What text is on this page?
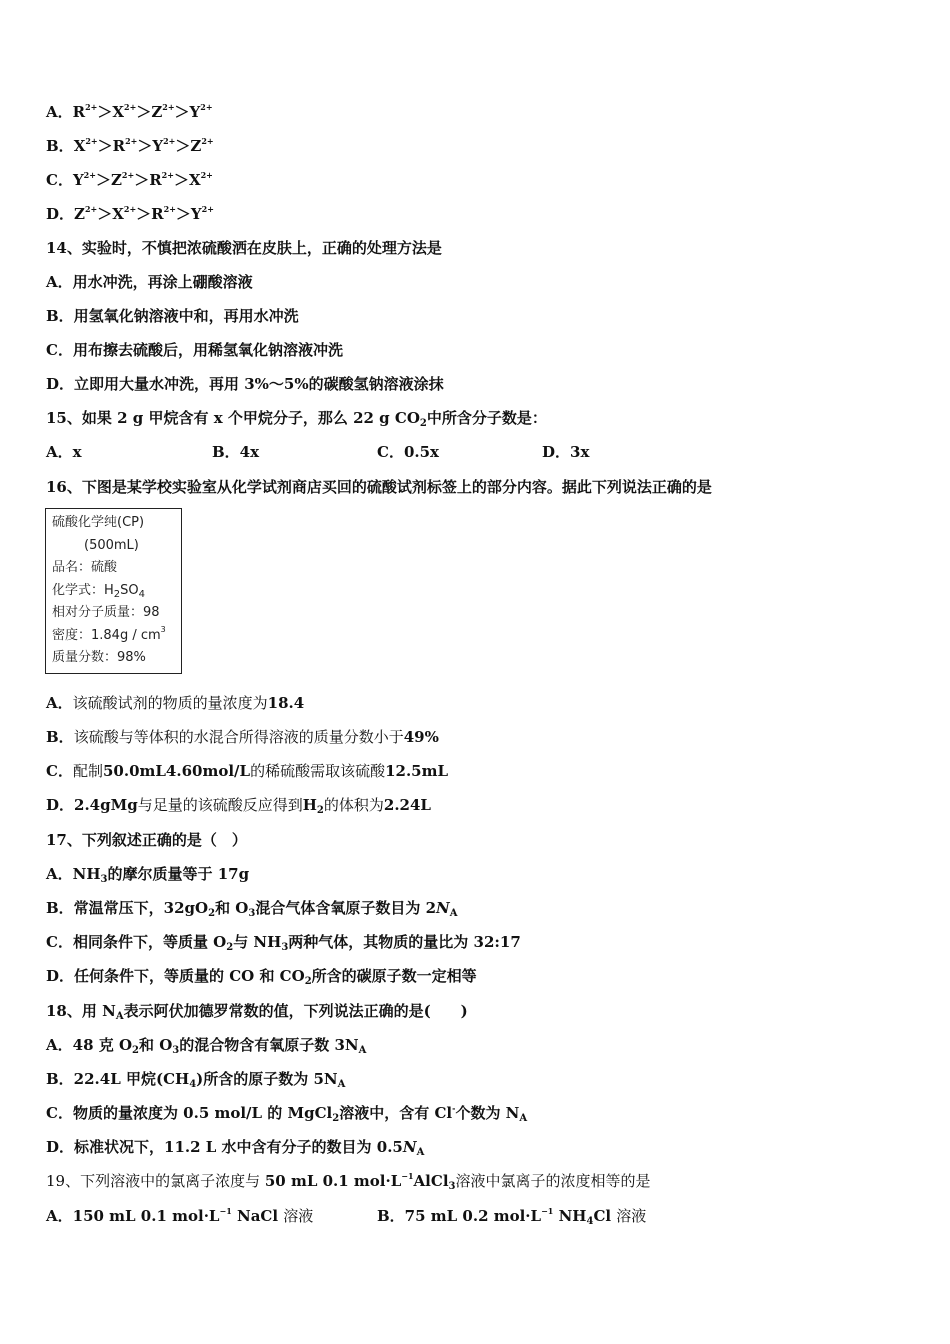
A．$R^{2+}>X^{2+}>Z^{2+}>Y^{2+}$
B．$X^{2+}>R^{2+}>Y^{2+}>Z^{2+}$
C．$Y^{2+}>Z^{2+}>R^{2+}>X^{2+}$
D．$Z^{2+}>X^{2+}>R^{2+}>Y^{2+}$
14、实验时，不慎把浓硫酸洒在皮肤上，正确的处理方法是
A．用水冲洗，再涂上硼酸溶液
B．用氢氧化钠溶液中和，再用水冲洗
C．用布擦去硫酸后，用稀氢氧化钠溶液冲洗
D．立即用大量水冲洗，再用 3%～5%的碳酸氢钠溶液涂抹
15、如果 2 g 甲烷含有 x 个甲烷分子，那么 22 g $CO_2$中所含分子数是：
A．x	B．4x	C．0.5x	D．3x
16、下图是某学校实验室从化学试剂商店买回的硫酸试剂标签上的部分内容。据此下列说法正确的是
硫酸化学纯(CP)
(500mL)
品名：硫酸
化学式：$H_2SO_4$
相对分子质量：98
密度：$1.84g / cm^3$
质量分数：98%
A．该硫酸试剂的物质的量浓度为18.4
B．该硫酸与等体积的水混合所得溶液的质量分数小于49%
C．配制50.0mL4.60mol/L的稀硫酸需取该硫酸12.5mL
D．2.4gMg与足量的该硫酸反应得到$H_2$的体积为2.24L
17、下列叙述正确的是（　）
A．$NH_3$的摩尔质量等于 17g
B．常温常压下，$32gO_2$和 $O_3$混合气体含氧原子数目为 $2N_A$
C．相同条件下，等质量 $O_2$与 $NH_3$两种气体，其物质的量比为 32:17
D．任何条件下，等质量的 CO 和 $CO_2$所含的碳原子数一定相等
18、用 $N_A$表示阿伏加德罗常数的值，下列说法正确的是(　　)
A．48 克 $O_2$和 $O_3$的混合物含有氧原子数 $3N_A$
B．22.4L 甲烷$(CH_4)$所含的原子数为 $5N_A$
C．物质的量浓度为 0.5 mol/L 的 MgCl$_2$溶液中，含有 Cl-个数为 $N_A$
D．标准状况下，11.2 L 水中含有分子的数目为 $0.5N_A$
19、下列溶液中的氯离子浓度与 50 mL 0.1 $mol\cdot L^{-1}AlCl_3$溶液中氯离子的浓度相等的是
A．150 mL 0.1 $mol\cdot L^{-1}$ NaCl 溶液	B．75 mL 0.2 $mol\cdot L^{-1}$ $NH_4Cl$ 溶液
